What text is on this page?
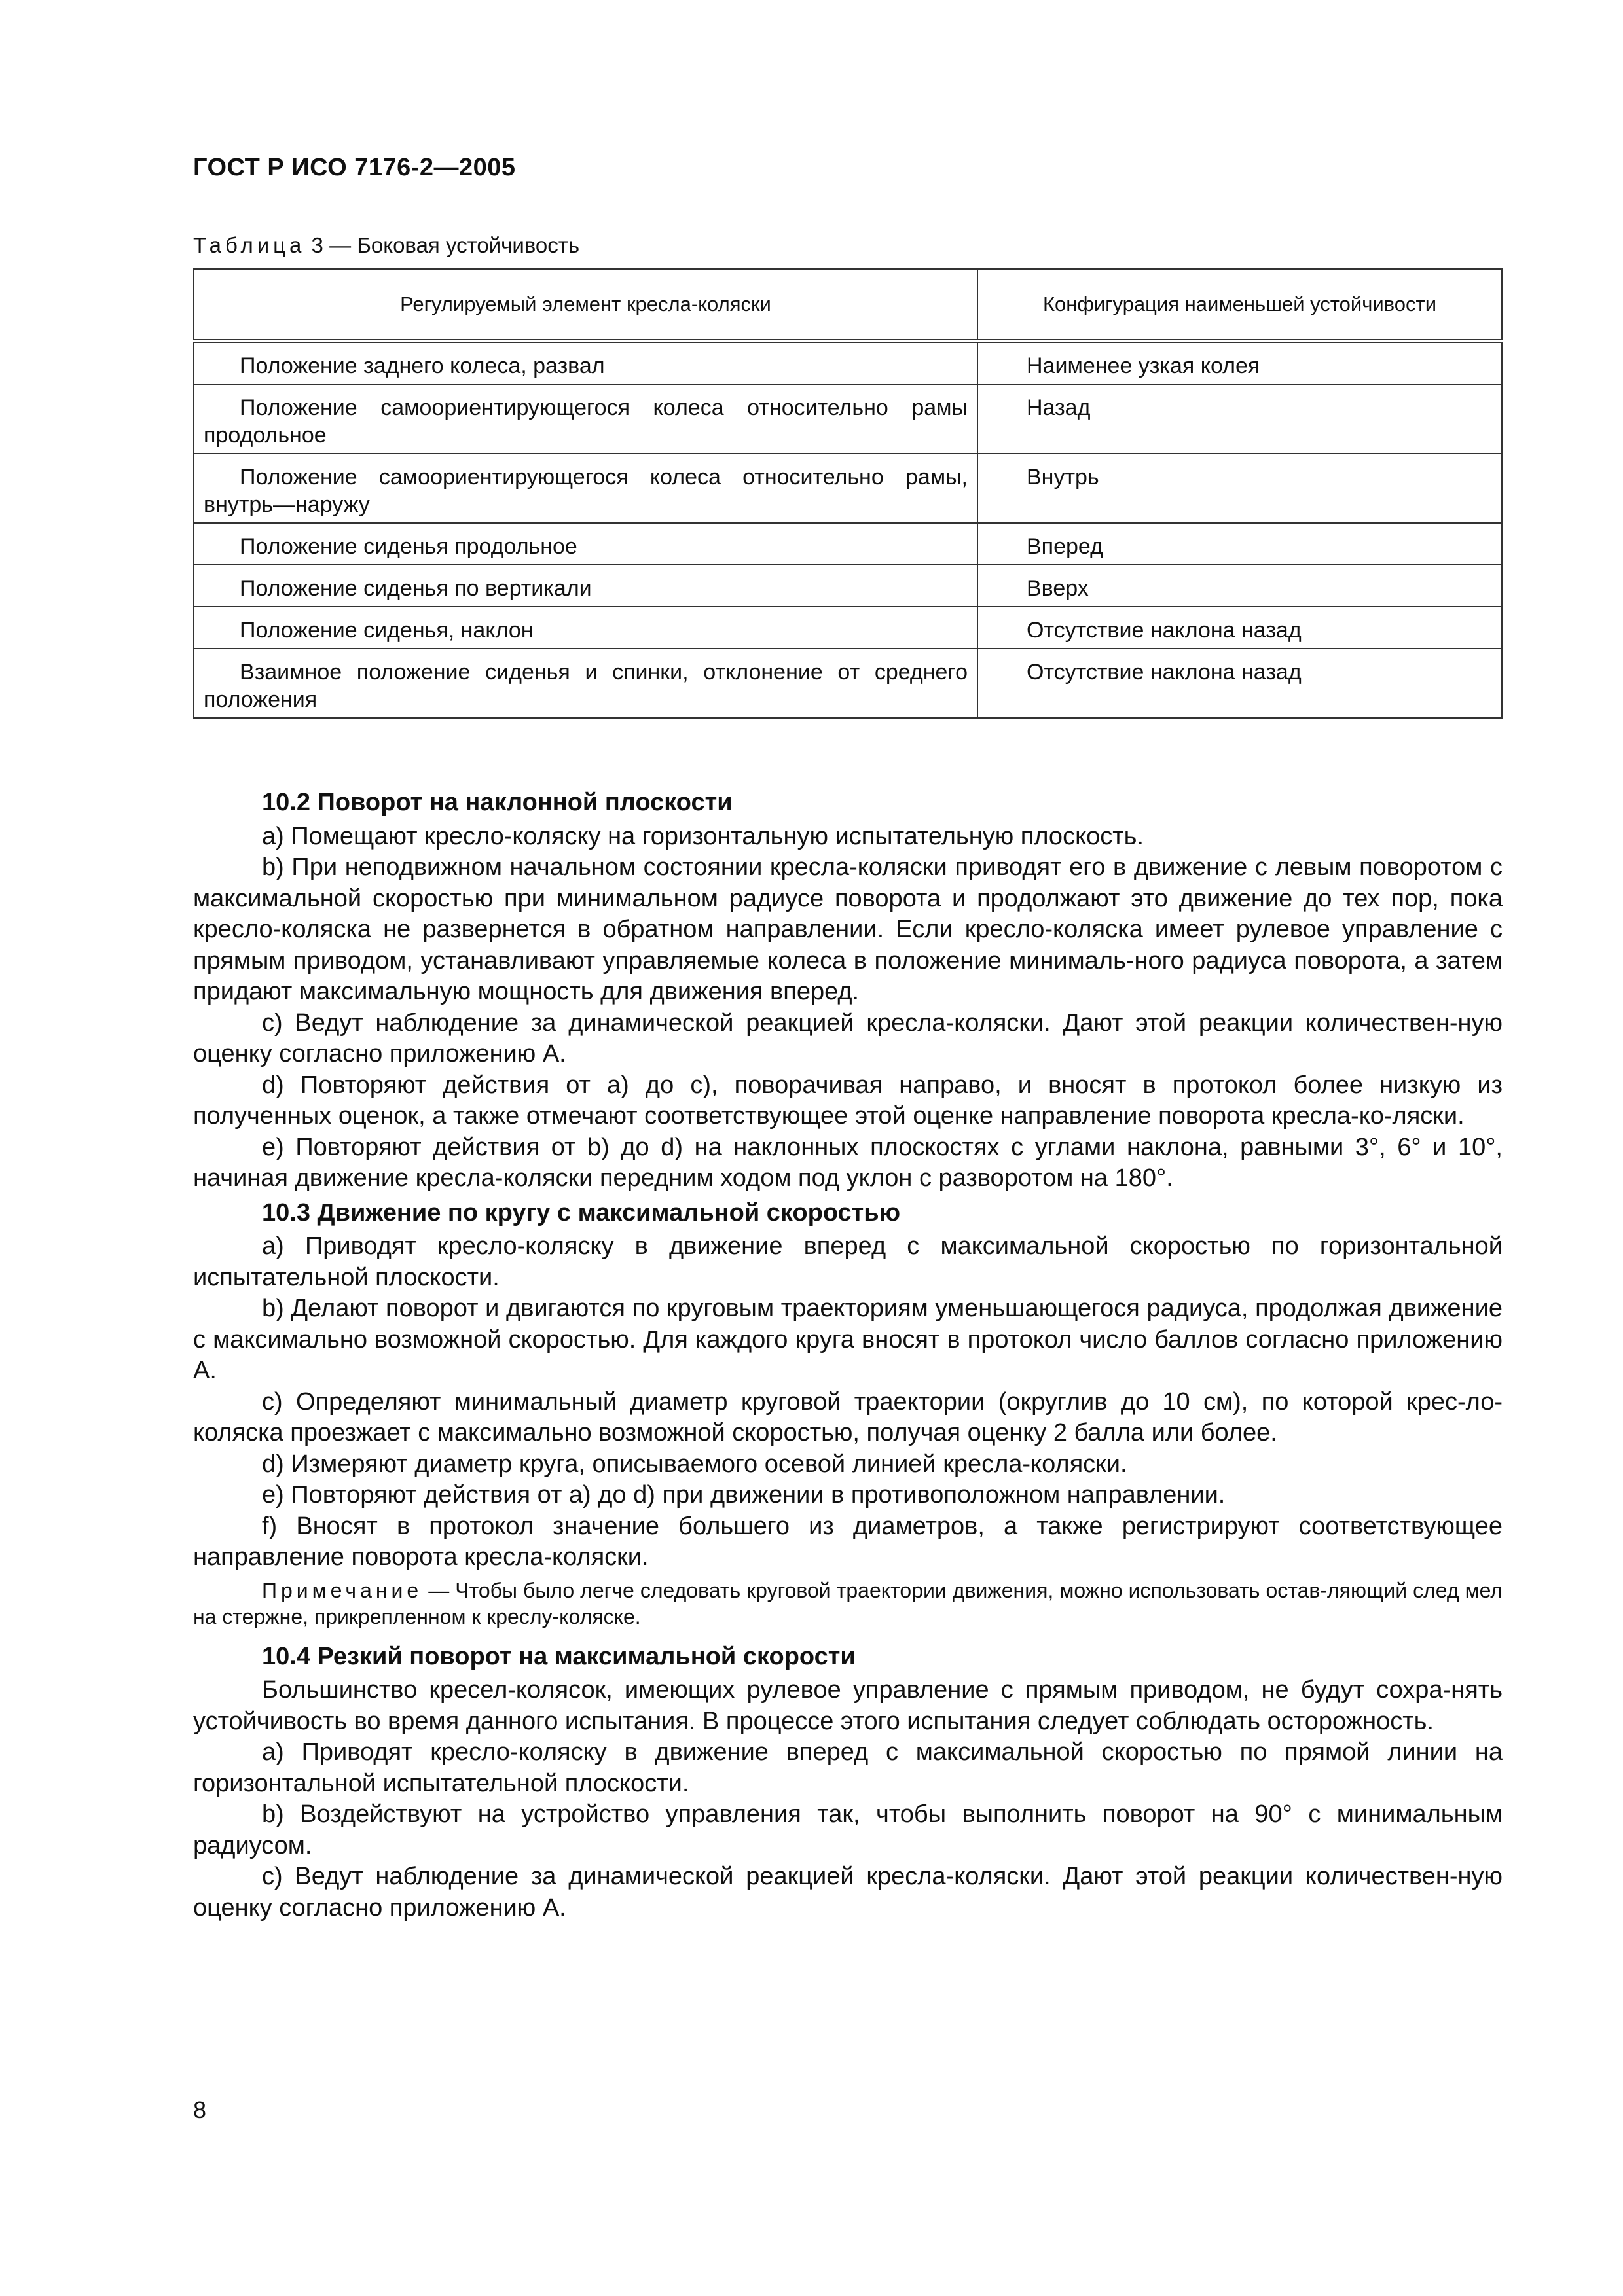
ГОСТ Р ИСО 7176-2—2005
Таблица 3 — Боковая устойчивость
Регулируемый элемент кресла-коляски	Конфигурация наименьшей устойчивости
Положение заднего колеса, развал	Наименее узкая колея
Положение самоориентирующегося колеса относительно рамы продольное	Назад
Положение самоориентирующегося колеса относительно рамы, внутрь—наружу	Внутрь
Положение сиденья продольное	Вперед
Положение сиденья по вертикали	Вверх
Положение сиденья, наклон	Отсутствие наклона назад
Взаимное положение сиденья и спинки, отклонение от среднего положения	Отсутствие наклона назад
10.2 Поворот на наклонной плоскости

a) Помещают кресло-коляску на горизонтальную испытательную плоскость.

b) При неподвижном начальном состоянии кресла-коляски приводят его в движение с левым поворотом с максимальной скоростью при минимальном радиусе поворота и продолжают это движение до тех пор, пока кресло-коляска не развернется в обратном направлении. Если кресло-коляска имеет рулевое управление с прямым приводом, устанавливают управляемые колеса в положение минималь-ного радиуса поворота, а затем придают максимальную мощность для движения вперед.

c) Ведут наблюдение за динамической реакцией кресла-коляски. Дают этой реакции количествен-ную оценку согласно приложению А.

d) Повторяют действия от a) до c), поворачивая направо, и вносят в протокол более низкую из полученных оценок, а также отмечают соответствующее этой оценке направление поворота кресла-ко-ляски.

e) Повторяют действия от b) до d) на наклонных плоскостях с углами наклона, равными 3°, 6° и 10°, начиная движение кресла-коляски передним ходом под уклон с разворотом на 180°.

10.3 Движение по кругу с максимальной скоростью

a) Приводят кресло-коляску в движение вперед с максимальной скоростью по горизонтальной испытательной плоскости.

b) Делают поворот и двигаются по круговым траекториям уменьшающегося радиуса, продолжая движение с максимально возможной скоростью. Для каждого круга вносят в протокол число баллов согласно приложению А.

c) Определяют минимальный диаметр круговой траектории (округлив до 10 см), по которой крес-ло-коляска проезжает с максимально возможной скоростью, получая оценку 2 балла или более.

d) Измеряют диаметр круга, описываемого осевой линией кресла-коляски.

e) Повторяют действия от a) до d) при движении в противоположном направлении.

f) Вносят в протокол значение большего из диаметров, а также регистрируют соответствующее направление поворота кресла-коляски.

Примечание — Чтобы было легче следовать круговой траектории движения, можно использовать остав-ляющий след мел на стержне, прикрепленном к креслу-коляске.

10.4 Резкий поворот на максимальной скорости

Большинство кресел-колясок, имеющих рулевое управление с прямым приводом, не будут сохра-нять устойчивость во время данного испытания. В процессе этого испытания следует соблюдать осторожность.

a) Приводят кресло-коляску в движение вперед с максимальной скоростью по прямой линии на горизонтальной испытательной плоскости.

b) Воздействуют на устройство управления так, чтобы выполнить поворот на 90° с минимальным радиусом.

c) Ведут наблюдение за динамической реакцией кресла-коляски. Дают этой реакции количествен-ную оценку согласно приложению А.

8
